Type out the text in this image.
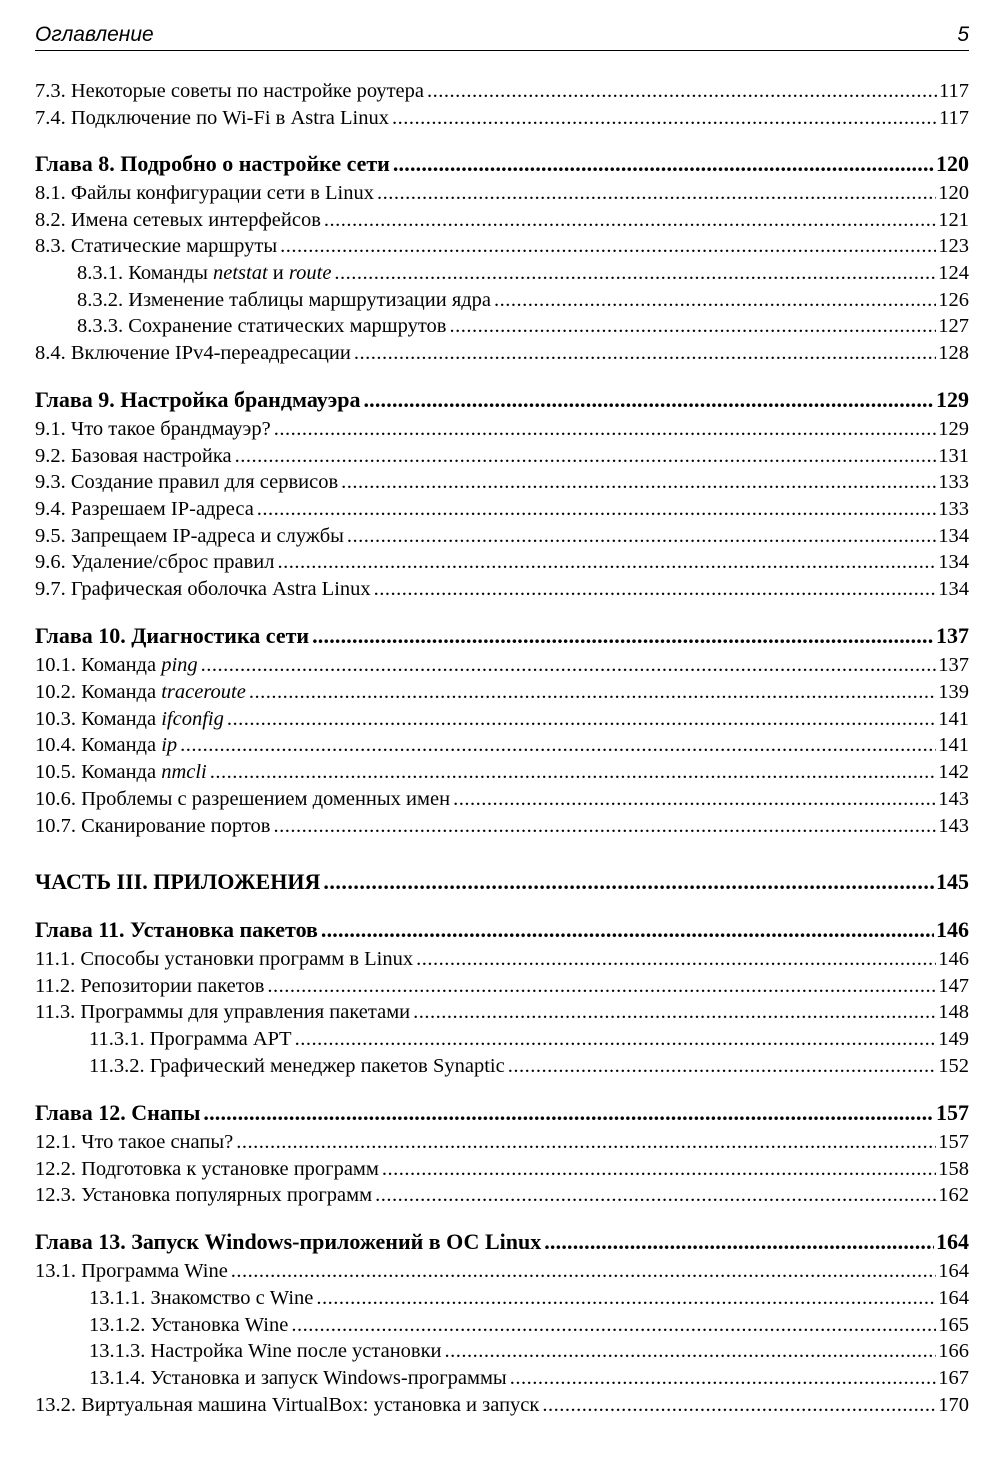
Оглавление	5
7.3. Некоторые советы по настройке роутера .....	117
7.4. Подключение по Wi-Fi в Astra Linux .....	117
Глава 8. Подробно о настройке сети .....	120
8.1. Файлы конфигурации сети в Linux .....	120
8.2. Имена сетевых интерфейсов .....	121
8.3. Статические маршруты .....	123
8.3.1. Команды netstat и route .....	124
8.3.2. Изменение таблицы маршрутизации ядра .....	126
8.3.3. Сохранение статических маршрутов .....	127
8.4. Включение IPv4-переадресации .....	128
Глава 9. Настройка брандмауэра .....	129
9.1. Что такое брандмауэр? .....	129
9.2. Базовая настройка .....	131
9.3. Создание правил для сервисов .....	133
9.4. Разрешаем IP-адреса .....	133
9.5. Запрещаем IP-адреса и службы .....	134
9.6. Удаление/сброс правил .....	134
9.7. Графическая оболочка Astra Linux .....	134
Глава 10. Диагностика сети .....	137
10.1. Команда ping .....	137
10.2. Команда traceroute .....	139
10.3. Команда ifconfig .....	141
10.4. Команда ip .....	141
10.5. Команда nmcli .....	142
10.6. Проблемы с разрешением доменных имен .....	143
10.7. Сканирование портов .....	143
ЧАСТЬ III. ПРИЛОЖЕНИЯ .....	145
Глава 11. Установка пакетов .....	146
11.1. Способы установки программ в Linux .....	146
11.2. Репозитории пакетов .....	147
11.3. Программы для управления пакетами .....	148
11.3.1. Программа APT .....	149
11.3.2. Графический менеджер пакетов Synaptic .....	152
Глава 12. Снапы .....	157
12.1. Что такое снапы? .....	157
12.2. Подготовка к установке программ .....	158
12.3. Установка популярных программ .....	162
Глава 13. Запуск Windows-приложений в ОС Linux .....	164
13.1. Программа Wine .....	164
13.1.1. Знакомство с Wine .....	164
13.1.2. Установка Wine .....	165
13.1.3. Настройка Wine после установки .....	166
13.1.4. Установка и запуск Windows-программы .....	167
13.2. Виртуальная машина VirtualBox: установка и запуск .....	170
